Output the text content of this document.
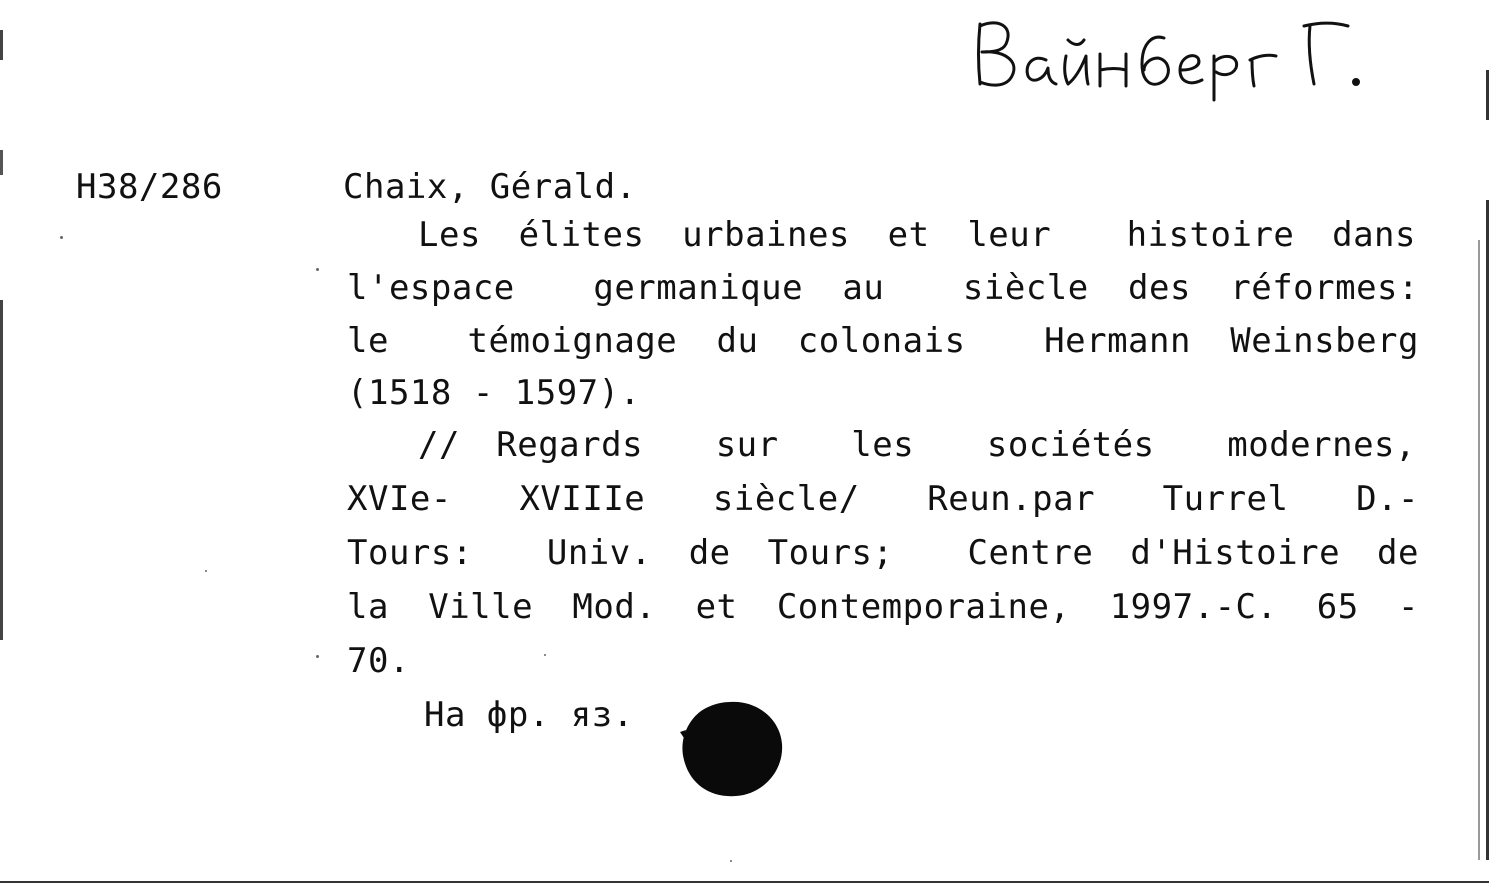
H38/286	Chaix, Gérald.
Les élites urbaines et leur  histoire dans
l'espace  germanique au  siècle des réformes:
le  témoignage du colonais  Hermann Weinsberg
(1518 - 1597).
// Regards  sur  les  sociétés  modernes,
XVIe-  XVIIIe  siècle/  Reun.par  Turrel  D.-
Tours:  Univ. de Tours;  Centre d'Histoire de
la Ville Mod. et Contemporaine, 1997.-C. 65 -
70.
На фр. яз.
